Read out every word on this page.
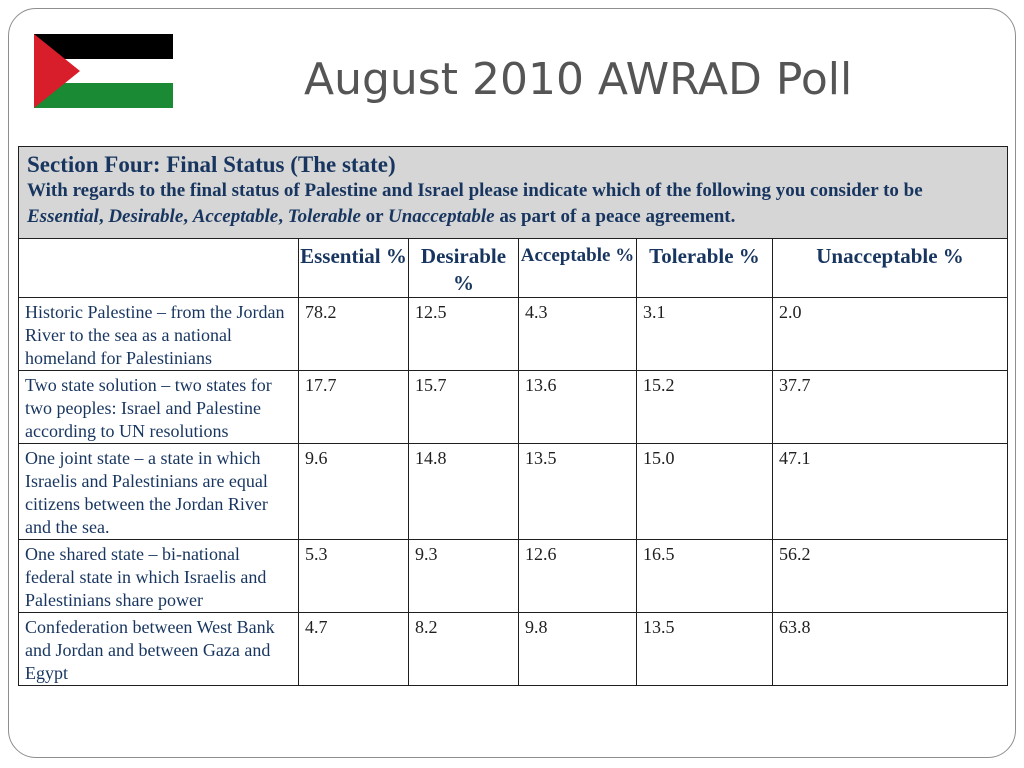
August 2010 AWRAD Poll
Section Four: Final Status (The state)
With regards to the final status of Palestine and Israel please indicate which of the following you consider to be Essential, Desirable, Acceptable, Tolerable or Unacceptable as part of a peace agreement.					

	Essential %	Desirable %	Acceptable %	Tolerable %	Unacceptable %
Historic Palestine – from the Jordan River to the sea as a national homeland for Palestinians	78.2	12.5	4.3	3.1	2.0
Two state solution – two states for two peoples: Israel and Palestine according to UN resolutions	17.7	15.7	13.6	15.2	37.7
One joint state – a state in which Israelis and Palestinians are equal citizens between the Jordan River and the sea.	9.6	14.8	13.5	15.0	47.1
One shared state – bi-national federal state in which Israelis and Palestinians share power	5.3	9.3	12.6	16.5	56.2
Confederation between West Bank and Jordan and between Gaza and Egypt	4.7	8.2	9.8	13.5	63.8
